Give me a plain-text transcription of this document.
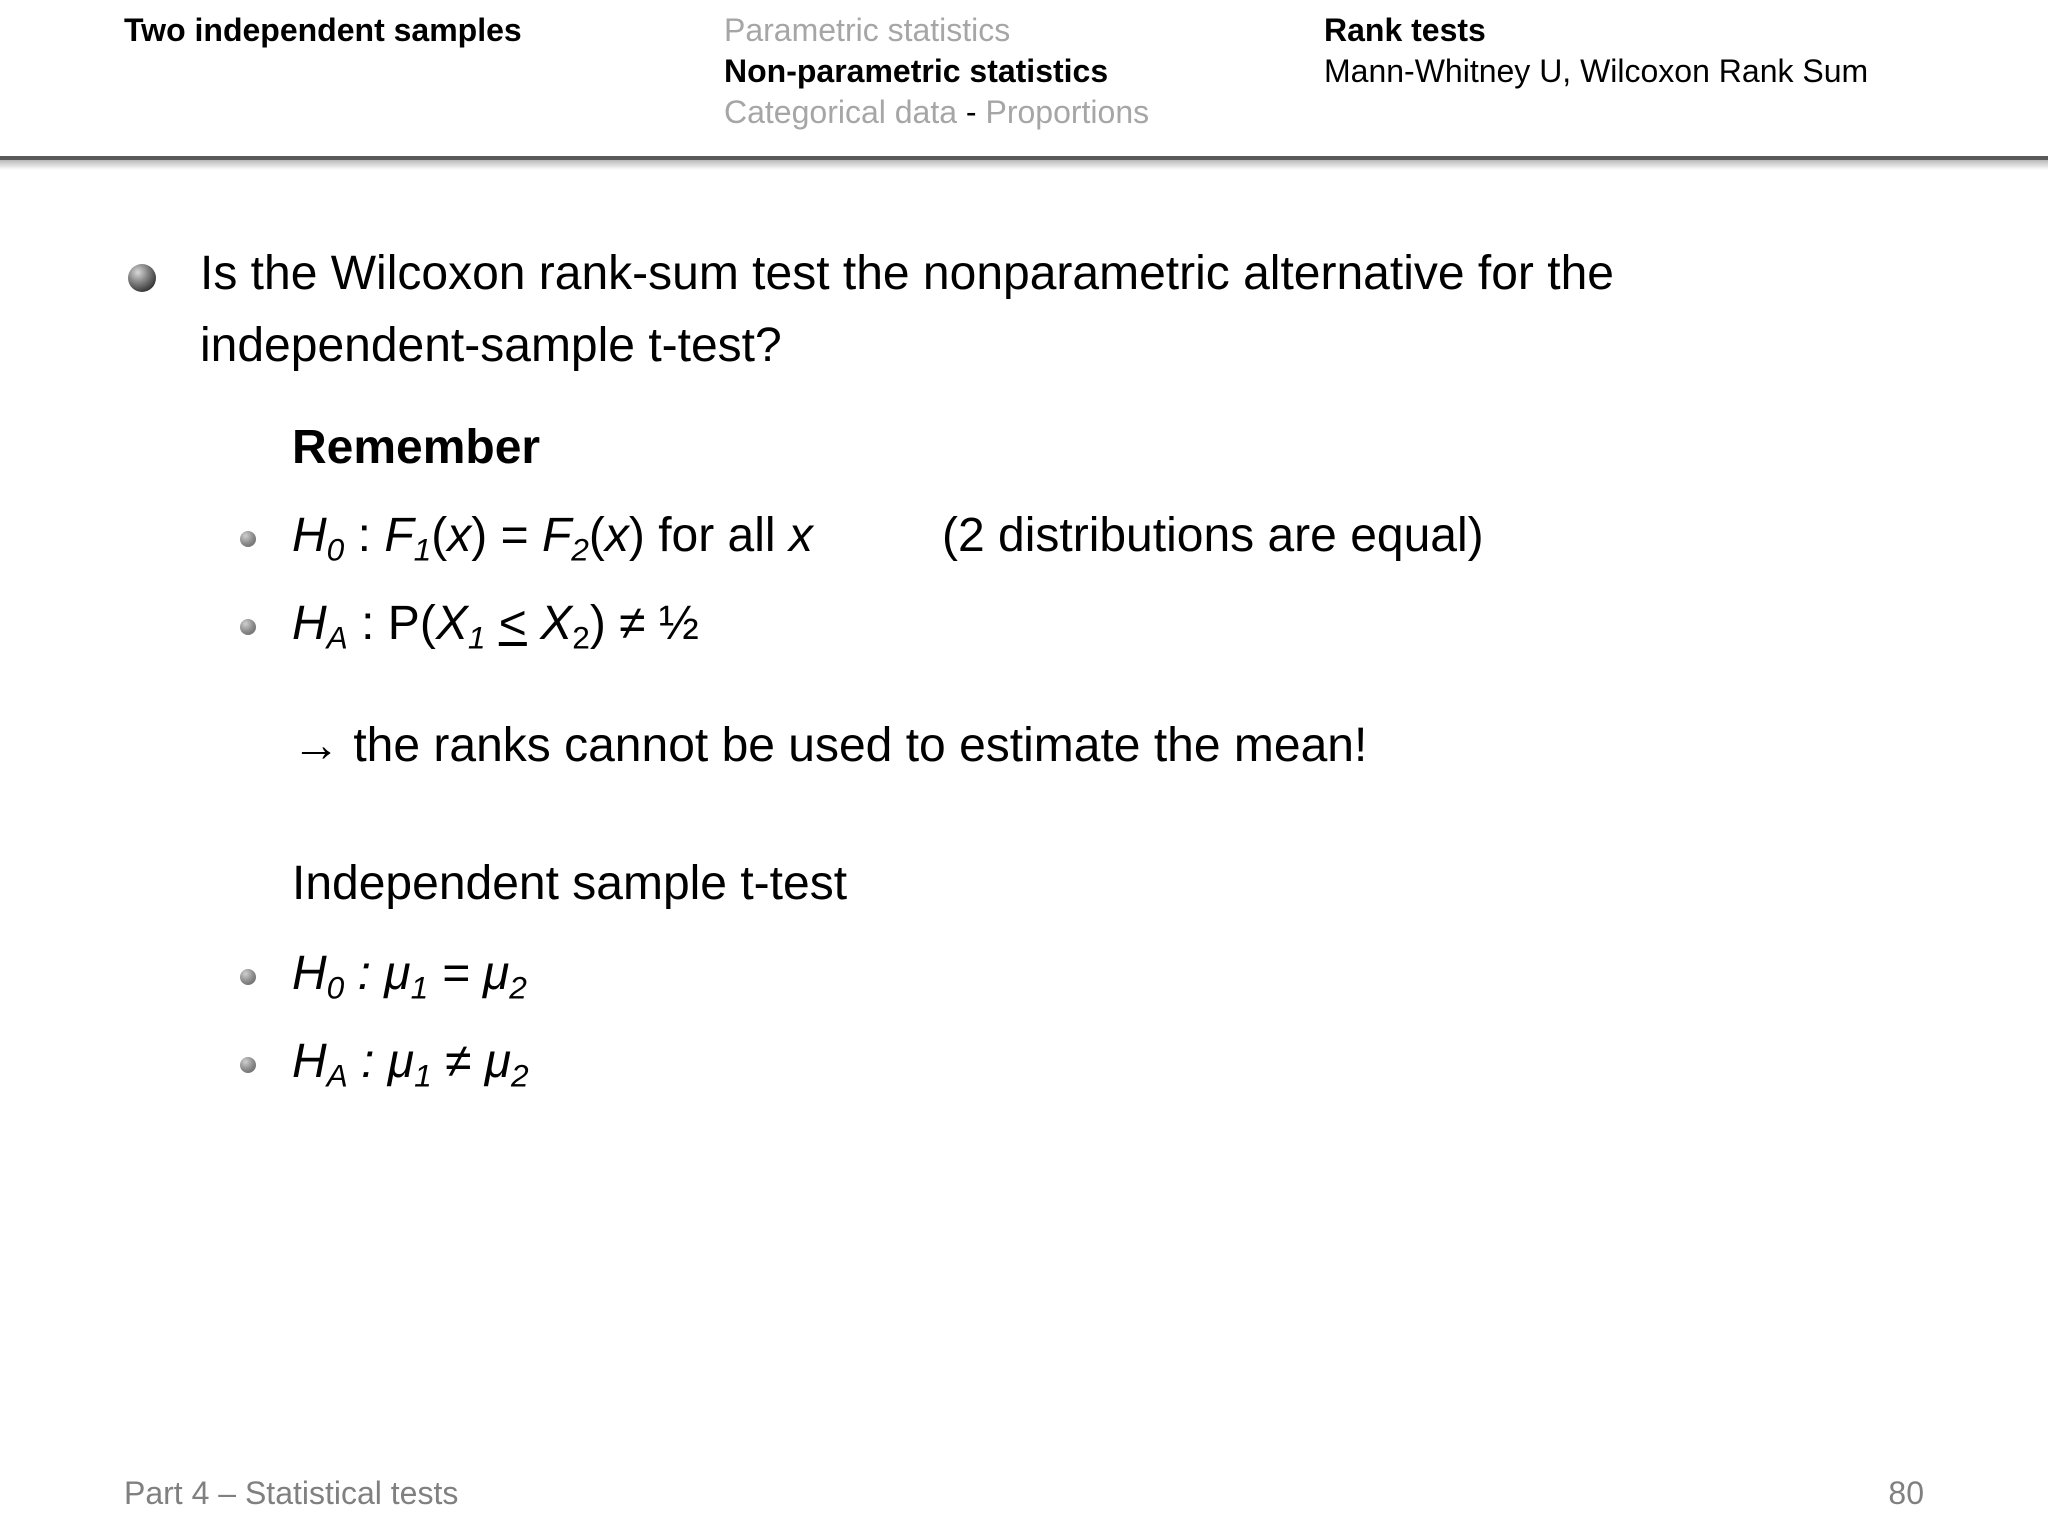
Two independent samples	Parametric statistics
Non-parametric statistics
Categorical data - Proportions
Rank tests
Mann-Whitney U, Wilcoxon Rank Sum
Is the Wilcoxon rank-sum test the nonparametric alternative for the independent-sample t-test?
Remember
$H_0$ : $F_1(x) = F_2(x)$ for all x	(2 distributions are equal)
$H_A$ : $P(X_1 < X_2)$ ≠ ½
→ the ranks cannot be used to estimate the mean!
Independent sample t-test
$H_0$ : $\mu_1 = \mu_2$
$H_A$ : $\mu_1 \ne \mu_2$
Part 4 – Statistical tests	80
